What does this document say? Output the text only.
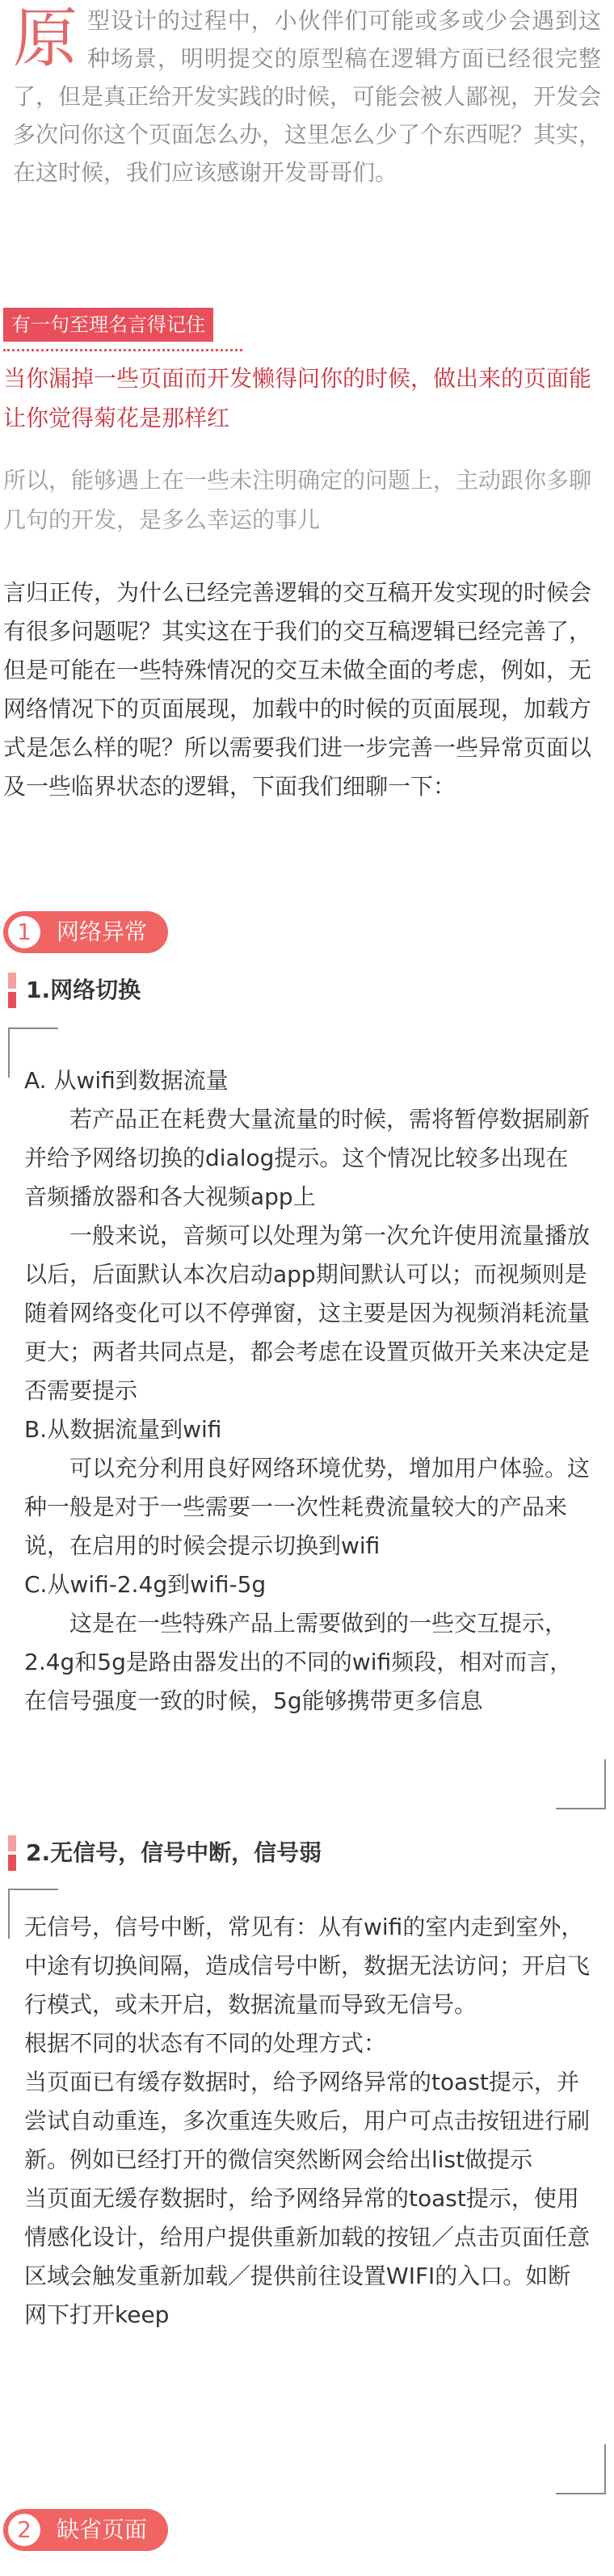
原型设计的过程中，小伙伴们可能或多或少会遇到这种场景，明明提交的原型稿在逻辑方面已经很完整了，但是真正给开发实践的时候，可能会被人鄙视，开发会多次问你这个页面怎么办，这里怎么少了个东西呢？其实，在这时候，我们应该感谢开发哥哥们。
有一句至理名言得记住
当你漏掉一些页面而开发懒得问你的时候，做出来的页面能让你觉得菊花是那样红
所以，能够遇上在一些未注明确定的问题上，主动跟你多聊几句的开发，是多么幸运的事儿
言归正传，为什么已经完善逻辑的交互稿开发实现的时候会有很多问题呢？其实这在于我们的交互稿逻辑已经完善了，但是可能在一些特殊情况的交互未做全面的考虑，例如，无网络情况下的页面展现，加载中的时候的页面展现，加载方式是怎么样的呢？所以需要我们进一步完善一些异常页面以及一些临界状态的逻辑，下面我们细聊一下：
1	网络异常
1.网络切换

A. 从wifi到数据流量

若产品正在耗费大量流量的时候，需将暂停数据刷新并给予网络切换的dialog提示。这个情况比较多出现在音频播放器和各大视频app上

一般来说，音频可以处理为第一次允许使用流量播放以后，后面默认本次启动app期间默认可以；而视频则是随着网络变化可以不停弹窗，这主要是因为视频消耗流量更大；两者共同点是，都会考虑在设置页做开关来决定是否需要提示

B.从数据流量到wifi

可以充分利用良好网络环境优势，增加用户体验。这种一般是对于一些需要一一次性耗费流量较大的产品来说，在启用的时候会提示切换到wifi

C.从wifi-2.4g到wifi-5g

这是在一些特殊产品上需要做到的一些交互提示，2.4g和5g是路由器发出的不同的wifi频段，相对而言，在信号强度一致的时候，5g能够携带更多信息

2.无信号，信号中断，信号弱

无信号，信号中断，常见有：从有wifi的室内走到室外，中途有切换间隔，造成信号中断，数据无法访问；开启飞行模式，或未开启，数据流量而导致无信号。

根据不同的状态有不同的处理方式：

当页面已有缓存数据时，给予网络异常的toast提示，并尝试自动重连，多次重连失败后，用户可点击按钮进行刷新。例如已经打开的微信突然断网会给出list做提示

当页面无缓存数据时，给予网络异常的toast提示，使用情感化设计，给用户提供重新加载的按钮／点击页面任意区域会触发重新加载／提供前往设置WIFI的入口。如断网下打开keep

2	缺省页面
